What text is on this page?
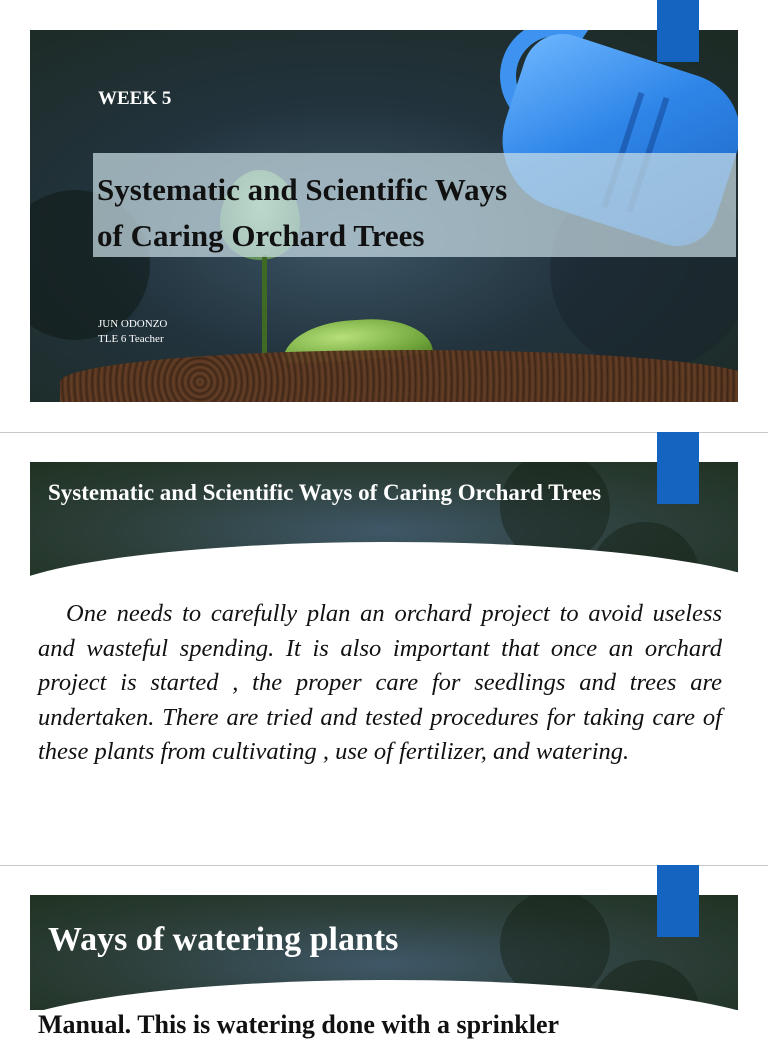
WEEK 5
Systematic and Scientific Ways
of Caring Orchard Trees
JUN ODONZO
TLE 6 Teacher
Systematic and Scientific Ways of Caring Orchard Trees
One needs to carefully plan an orchard project to avoid useless and wasteful spending. It is also important that once an orchard project is started , the proper care for seedlings and trees are undertaken. There are tried and tested procedures for taking care of these plants from cultivating , use of fertilizer, and watering.
Ways of watering plants
Manual. This is watering done with a sprinkler
